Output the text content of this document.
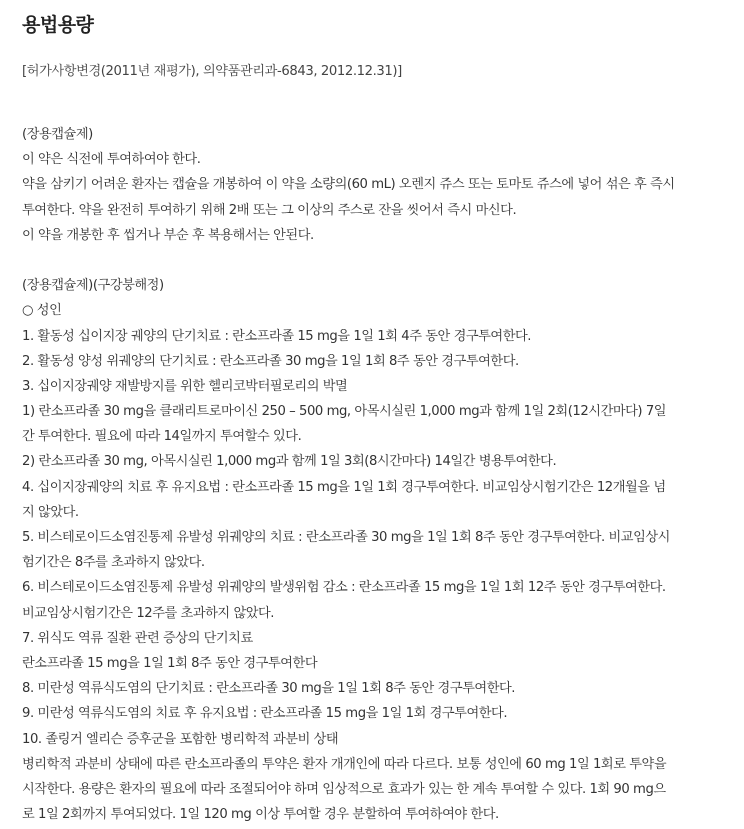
용법용량
[허가사항변경(2011년 재평가), 의약품관리과-6843, 2012.12.31)]
(장용캡슐제)
이 약은 식전에 투여하여야 한다.
약을 삼키기 어려운 환자는 캡슐을 개봉하여 이 약을 소량의(60 mL) 오렌지 쥬스 또는 토마토 쥬스에 넣어 섞은 후 즉시
투여한다. 약을 완전히 투여하기 위해 2배 또는 그 이상의 주스로 잔을 씻어서 즉시 마신다.
이 약을 개봉한 후 씹거나 부순 후 복용해서는 안된다.
(장용캡슐제)(구강붕해정)
○ 성인
1. 활동성 십이지장 궤양의 단기치료 : 란소프라졸 15 mg을 1일 1회 4주 동안 경구투여한다.
2. 활동성 양성 위궤양의 단기치료 : 란소프라졸 30 mg을 1일 1회 8주 동안 경구투여한다.
3. 십이지장궤양 재발방지를 위한 헬리코박터필로리의 박멸
1) 란소프라졸 30 mg을 클래리트로마이신 250 – 500 mg, 아목시실린 1,000 mg과 함께 1일 2회(12시간마다) 7일
간 투여한다. 필요에 따라 14일까지 투여할수 있다.
2) 란소프라졸 30 mg, 아목시실린 1,000 mg과 함께 1일 3회(8시간마다) 14일간 병용투여한다.
4. 십이지장궤양의 치료 후 유지요법 : 란소프라졸 15 mg을 1일 1회 경구투여한다. 비교임상시험기간은 12개월을 넘
지 않았다.
5. 비스테로이드소염진통제 유발성 위궤양의 치료 : 란소프라졸 30 mg을 1일 1회 8주 동안 경구투여한다. 비교임상시
험기간은 8주를 초과하지 않았다.
6. 비스테로이드소염진통제 유발성 위궤양의 발생위험 감소 : 란소프라졸 15 mg을 1일 1회 12주 동안 경구투여한다.
비교임상시험기간은 12주를 초과하지 않았다.
7. 위식도 역류 질환 관련 증상의 단기치료
란소프라졸 15 mg을 1일 1회 8주 동안 경구투여한다
8. 미란성 역류식도염의 단기치료 : 란소프라졸 30 mg을 1일 1회 8주 동안 경구투여한다.
9. 미란성 역류식도염의 치료 후 유지요법 : 란소프라졸 15 mg을 1일 1회 경구투여한다.
10. 졸링거 엘리슨 증후군을 포함한 병리학적 과분비 상태
병리학적 과분비 상태에 따른 란소프라졸의 투약은 환자 개개인에 따라 다르다. 보통 성인에 60 mg 1일 1회로 투약을
시작한다. 용량은 환자의 필요에 따라 조절되어야 하며 임상적으로 효과가 있는 한 계속 투여할 수 있다. 1회 90 mg으
로 1일 2회까지 투여되었다. 1일 120 mg 이상 투여할 경우 분할하여 투여하여야 한다.
